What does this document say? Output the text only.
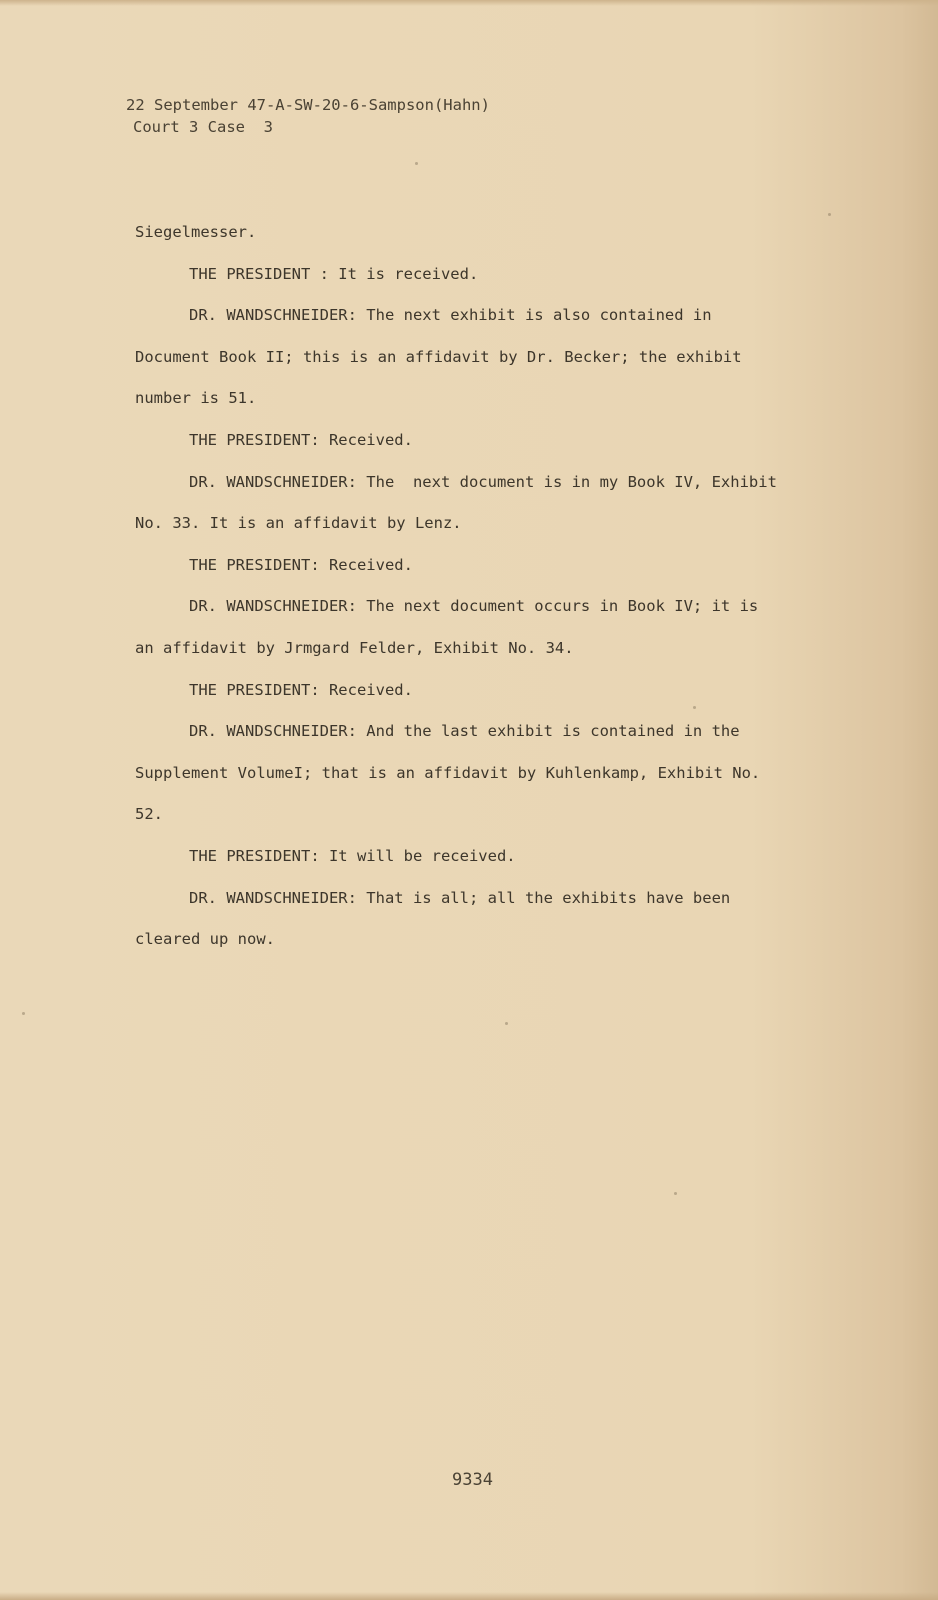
22 September 47-A-SW-20-6-Sampson(Hahn)
Court 3 Case  3
Siegelmesser.
THE PRESIDENT : It is received.
DR. WANDSCHNEIDER: The next exhibit is also contained in
Document Book II; this is an affidavit by Dr. Becker; the exhibit
number is 51.
THE PRESIDENT: Received.
DR. WANDSCHNEIDER: The  next document is in my Book IV, Exhibit
No. 33. It is an affidavit by Lenz.
THE PRESIDENT: Received.
DR. WANDSCHNEIDER: The next document occurs in Book IV; it is
an affidavit by Jrmgard Felder, Exhibit No. 34.
THE PRESIDENT: Received.
DR. WANDSCHNEIDER: And the last exhibit is contained in the
Supplement VolumeI; that is an affidavit by Kuhlenkamp, Exhibit No.
52.
THE PRESIDENT: It will be received.
DR. WANDSCHNEIDER: That is all; all the exhibits have been
cleared up now.
9334
